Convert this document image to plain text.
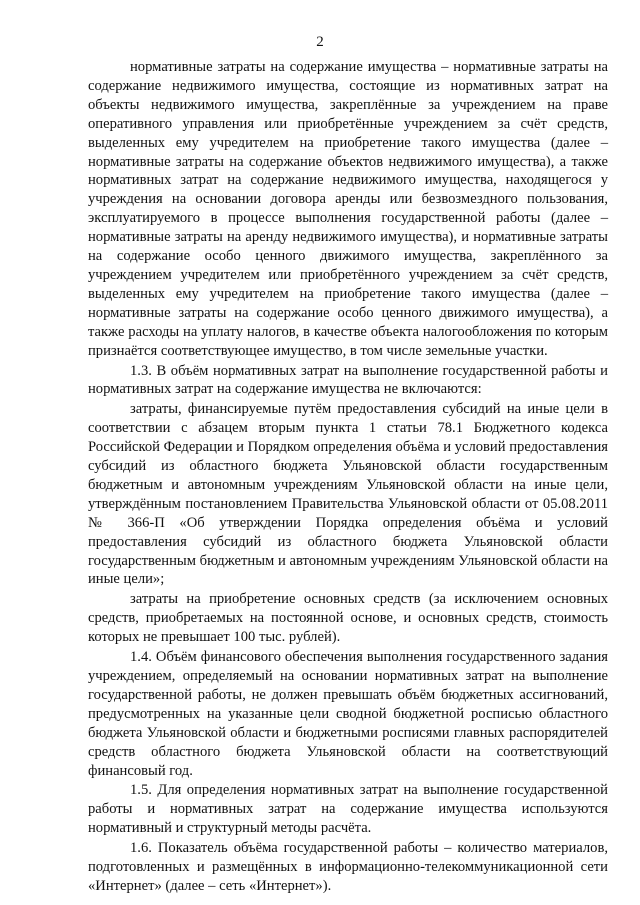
2

нормативные затраты на содержание имущества – нормативные затраты на содержание недвижимого имущества, состоящие из нормативных затрат на объекты недвижимого имущества, закреплённые за учреждением на праве оперативного управления или приобретённые учреждением за счёт средств, выделенных ему учредителем на приобретение такого имущества (далее – нормативные затраты на содержание объектов недвижимого имущества), а также нормативных затрат на содержание недвижимого имущества, находящегося у учреждения на основании договора аренды или безвозмездного пользования, эксплуатируемого в процессе выполнения государственной работы (далее – нормативные затраты на аренду недвижимого имущества), и нормативные затраты на содержание особо ценного движимого имущества, закреплённого за учреждением учредителем или приобретённого учреждением за счёт средств, выделенных ему учредителем на приобретение такого имущества (далее – нормативные затраты на содержание особо ценного движимого имущества), а также расходы на уплату налогов, в качестве объекта налогообложения по которым признаётся соответствующее имущество, в том числе земельные участки.

1.3. В объём нормативных затрат на выполнение государственной работы и нормативных затрат на содержание имущества не включаются:

затраты, финансируемые путём предоставления субсидий на иные цели в соответствии с абзацем вторым пункта 1 статьи 78.1 Бюджетного кодекса Российской Федерации и Порядком определения объёма и условий предоставления субсидий из областного бюджета Ульяновской области государственным бюджетным и автономным учреждениям Ульяновской области на иные цели, утверждённым постановлением Правительства Ульяновской области от 05.08.2011 № 366-П «Об утверждении Порядка определения объёма и условий предоставления субсидий из областного бюджета Ульяновской области государственным бюджетным и автономным учреждениям Ульяновской области на иные цели»;

затраты на приобретение основных средств (за исключением основных средств, приобретаемых на постоянной основе, и основных средств, стоимость которых не превышает 100 тыс. рублей).

1.4. Объём финансового обеспечения выполнения государственного задания учреждением, определяемый на основании нормативных затрат на выполнение государственной работы, не должен превышать объём бюджетных ассигнований, предусмотренных на указанные цели сводной бюджетной росписью областного бюджета Ульяновской области и бюджетными росписями главных распорядителей средств областного бюджета Ульяновской области на соответствующий финансовый год.

1.5. Для определения нормативных затрат на выполнение государственной работы и нормативных затрат на содержание имущества используются нормативный и структурный методы расчёта.

1.6. Показатель объёма государственной работы – количество материалов, подготовленных и размещённых в информационно-телекоммуникационной сети «Интернет» (далее – сеть «Интернет»).
